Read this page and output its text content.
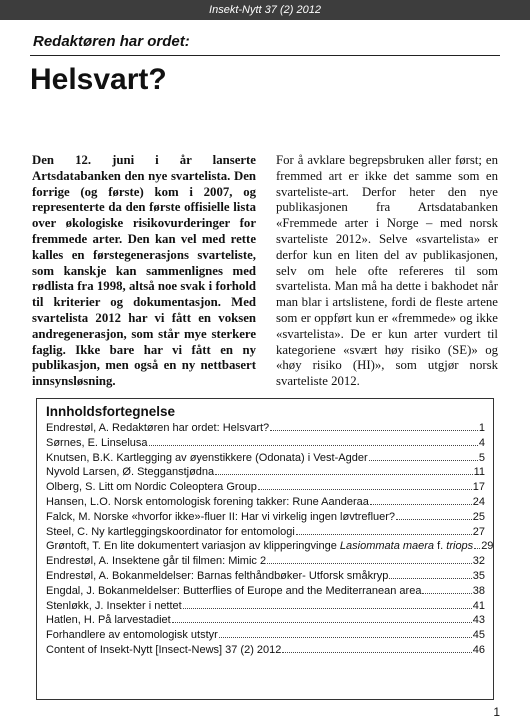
Insekt-Nytt 37 (2) 2012
Redaktøren har ordet:
Helsvart?

Den 12. juni i år lanserte Artsdatabanken den nye svartelista. Den forrige (og første) kom i 2007, og representerte da den første offisielle lista over økologiske risikovurderinger for fremmede arter. Den kan vel med rette kalles en førstegenerasjons svarteliste, som kanskje kan sammenlignes med rødlista fra 1998, altså noe svak i forhold til kriterier og dokumentasjon. Med svartelista 2012 har vi fått en voksen andregenerasjon, som står mye sterkere faglig. Ikke bare har vi fått en ny publikasjon, men også en ny nettbasert innsynsløsning.

For å avklare begrepsbruken aller først; en fremmed art er ikke det samme som en svarteliste-art. Derfor heter den nye publikasjonen fra Artsdatabanken «Fremmede arter i Norge – med norsk svarteliste 2012». Selve «svartelista» er derfor kun en liten del av publikasjonen, selv om hele ofte refereres til som svartelista. Man må ha dette i bakhodet når man blar i artslistene, fordi de fleste artene som er oppført kun er «fremmede» og ikke «svartelista». De er kun arter vurdert til kategoriene «svært høy risiko (SE)» og «høy risiko (HI)», som utgjør norsk svarteliste 2012.

Innholdsfortegnelse
Endrestøl, A. Redaktøren har ordet: Helsvart?	1
Sørnes, E. Linselusa	4
Knutsen, B.K. Kartlegging av øyenstikkere (Odonata) i Vest-Agder	5
Nyvold Larsen, Ø. Stegganstjødna	11
Olberg, S. Litt om Nordic Coleoptera Group	17
Hansen, L.O. Norsk entomologisk forening takker: Rune Aanderaa	24
Falck, M. Norske «hvorfor ikke»-fluer II: Har vi virkelig ingen løvtrefluer?	25
Steel, C. Ny kartleggingskoordinator for entomologi	27
Grøntoft, T. En lite dokumentert variasjon av klipperingvinge Lasiommata maera f. triops 29
Endrestøl, A. Insektene går til filmen: Mimic 2	32
Endrestøl, A. Bokanmeldelser: Barnas felthåndbøker- Utforsk småkryp	35
Engdal, J. Bokanmeldelser: Butterflies of Europe and the Mediterranean area	38
Stenløkk, J. Insekter i nettet	41
Hatlen, H. På larvestadiet	43
Forhandlere av entomologisk utstyr	45
Content of Insekt-Nytt [Insect-News] 37 (2) 2012	46
1
